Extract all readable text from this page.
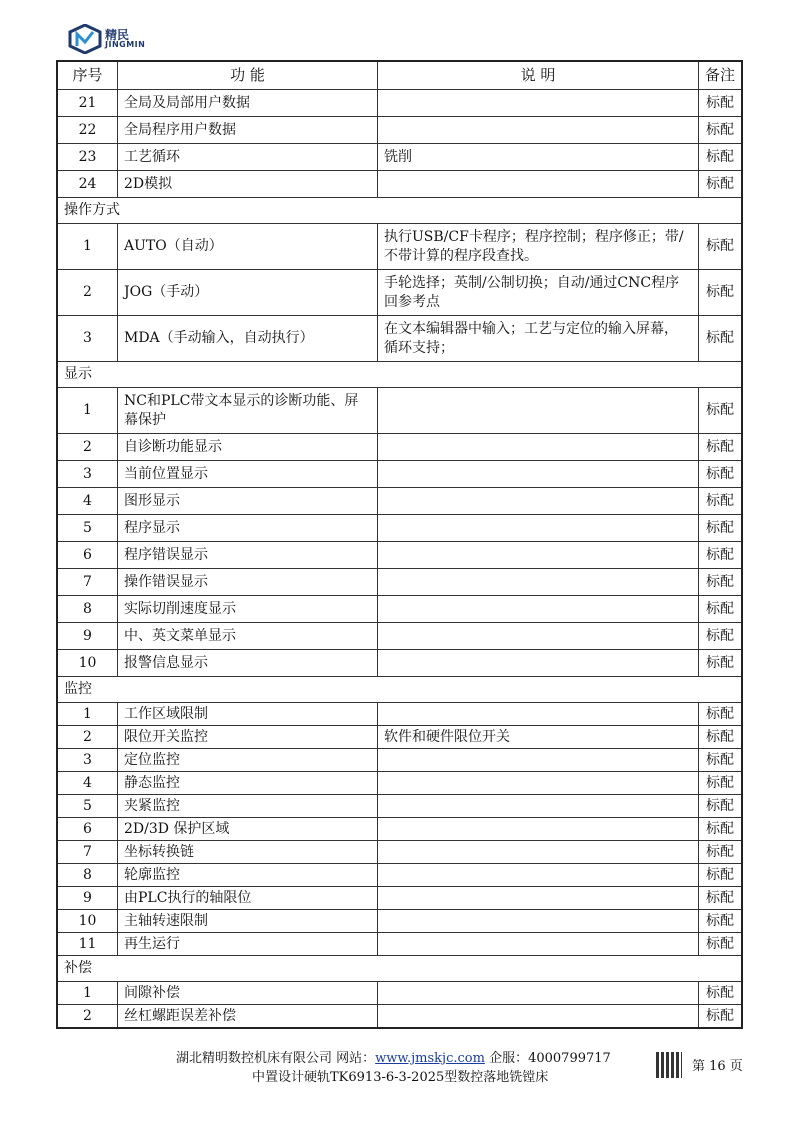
精民
JINGMIN
序号	功 能	说 明	备注
21	全局及局部用户数据		标配
22	全局程序用户数据		标配
23	工艺循环	铣削	标配
24	2D模拟		标配
操作方式			
1	AUTO（自动）	执行USB/CF卡程序；程序控制；程序修正；带/不带计算的程序段查找。	标配
2	JOG（手动）	手轮选择；英制/公制切换；自动/通过CNC程序回参考点	标配
3	MDA（手动输入，自动执行）	在文本编辑器中输入；工艺与定位的输入屏幕， 循环支持；	标配
显示			
1	NC和PLC带文本显示的诊断功能、屏幕保护		标配
2	自诊断功能显示		标配
3	当前位置显示		标配
4	图形显示		标配
5	程序显示		标配
6	程序错误显示		标配
7	操作错误显示		标配
8	实际切削速度显示		标配
9	中、英文菜单显示		标配
10	报警信息显示		标配
监控			
1	工作区域限制		标配
2	限位开关监控	软件和硬件限位开关	标配
3	定位监控		标配
4	静态监控		标配
5	夹紧监控		标配
6	2D/3D 保护区域		标配
7	坐标转换链		标配
8	轮廓监控		标配
9	由PLC执行的轴限位		标配
10	主轴转速限制		标配
11	再生运行		标配
补偿			
1	间隙补偿		标配
2	丝杠螺距误差补偿		标配
湖北精明数控机床有限公司 网站：www.jmskjc.com 企服：4000799717
中置设计硬轨TK6913-6-3-2025型数控落地铣镗床
第 16 页
